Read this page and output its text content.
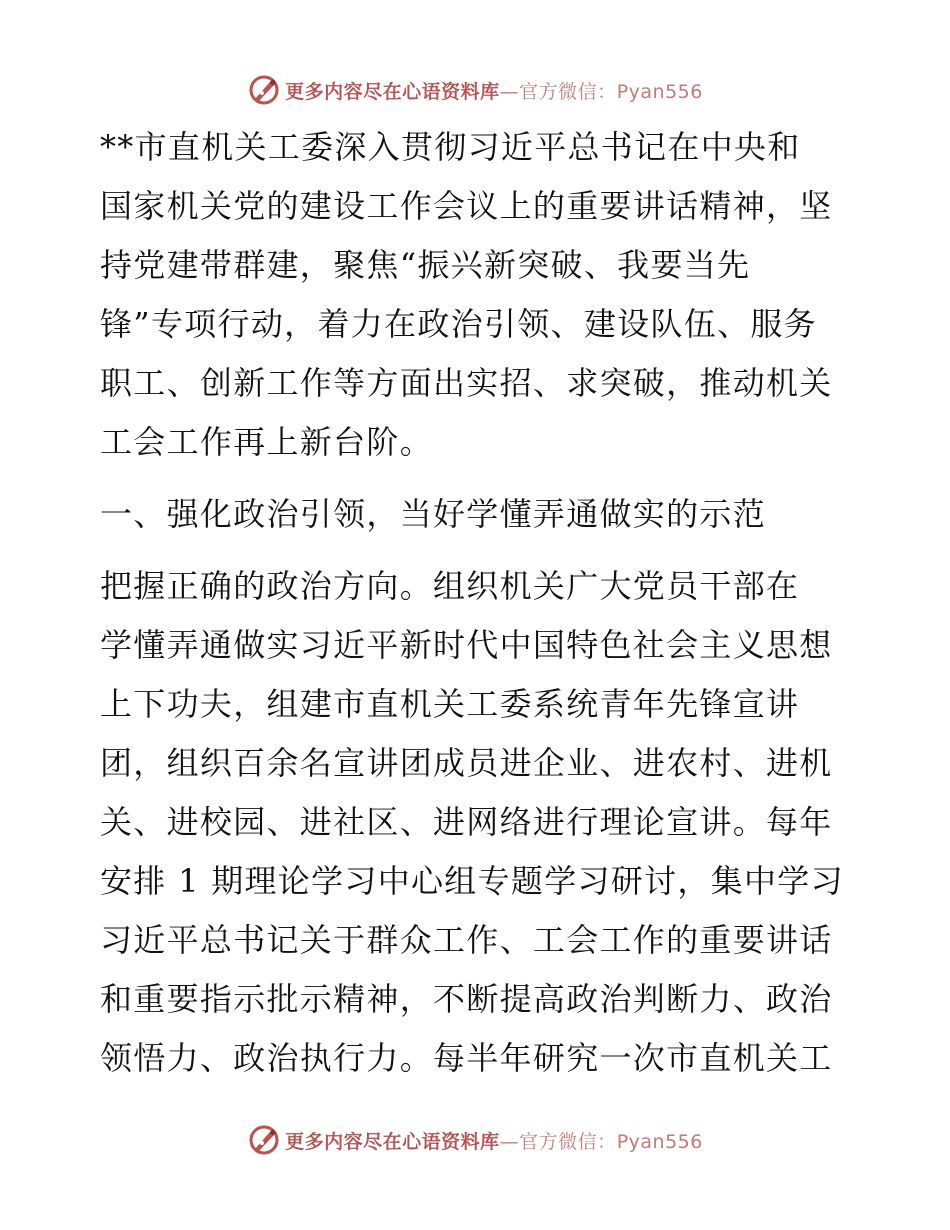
更多内容尽在心语资料库—官方微信：Pyan556
**市直机关工委深入贯彻习近平总书记在中央和
国家机关党的建设工作会议上的重要讲话精神，坚
持党建带群建，聚焦“振兴新突破、我要当先
锋”专项行动，着力在政治引领、建设队伍、服务
职工、创新工作等方面出实招、求突破，推动机关
工会工作再上新台阶。
一、强化政治引领，当好学懂弄通做实的示范
把握正确的政治方向。组织机关广大党员干部在
学懂弄通做实习近平新时代中国特色社会主义思想
上下功夫，组建市直机关工委系统青年先锋宣讲
团，组织百余名宣讲团成员进企业、进农村、进机
关、进校园、进社区、进网络进行理论宣讲。每年
安排 1 期理论学习中心组专题学习研讨，集中学习
习近平总书记关于群众工作、工会工作的重要讲话
和重要指示批示精神，不断提高政治判断力、政治
领悟力、政治执行力。每半年研究一次市直机关工
更多内容尽在心语资料库—官方微信：Pyan556
